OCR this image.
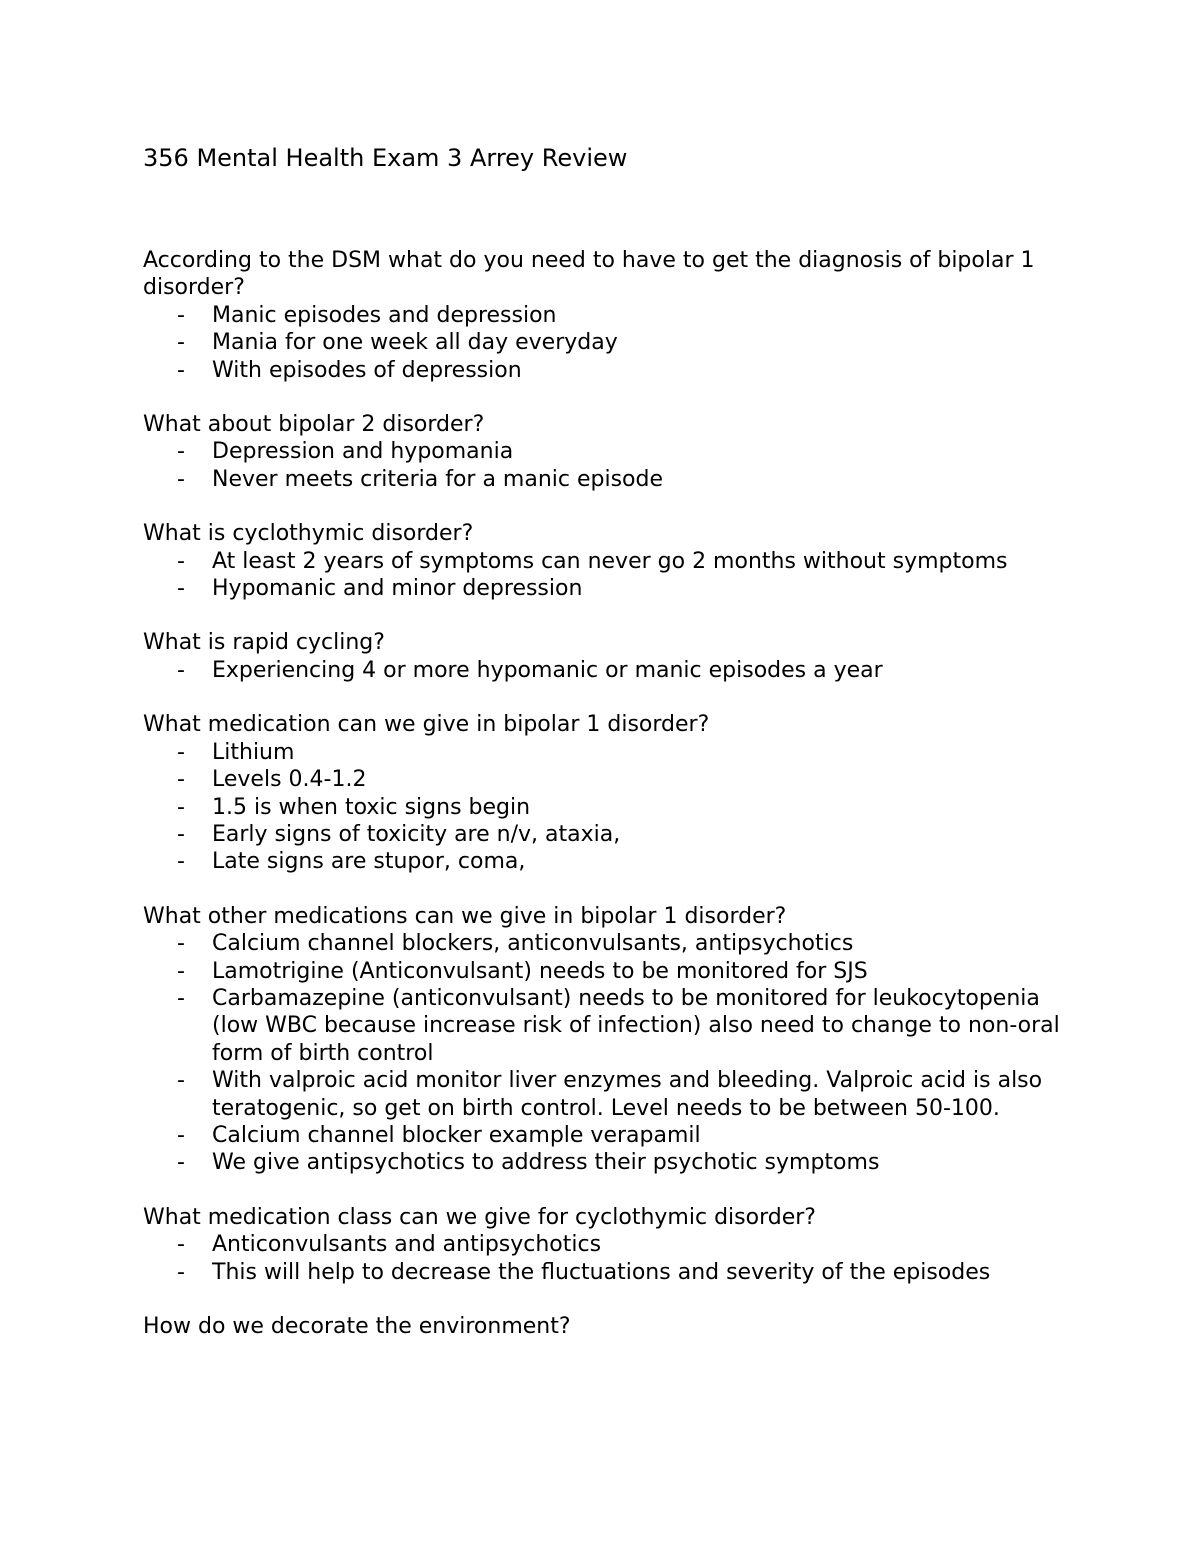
356 Mental Health Exam 3 Arrey Review

According to the DSM what do you need to have to get the diagnosis of bipolar 1 disorder?

- Manic episodes and depression
- Mania for one week all day everyday
- With episodes of depression

What about bipolar 2 disorder?

- Depression and hypomania
- Never meets criteria for a manic episode

What is cyclothymic disorder?

- At least 2 years of symptoms can never go 2 months without symptoms
- Hypomanic and minor depression

What is rapid cycling?

- Experiencing 4 or more hypomanic or manic episodes a year

What medication can we give in bipolar 1 disorder?

- Lithium
- Levels 0.4-1.2
- 1.5 is when toxic signs begin
- Early signs of toxicity are n/v, ataxia,
- Late signs are stupor, coma,

What other medications can we give in bipolar 1 disorder?

- Calcium channel blockers, anticonvulsants, antipsychotics
- Lamotrigine (Anticonvulsant) needs to be monitored for SJS
- Carbamazepine (anticonvulsant) needs to be monitored for leukocytopenia (low WBC because increase risk of infection) also need to change to non-oral form of birth control
- With valproic acid monitor liver enzymes and bleeding. Valproic acid is also teratogenic, so get on birth control. Level needs to be between 50-100.
- Calcium channel blocker example verapamil
- We give antipsychotics to address their psychotic symptoms

What medication class can we give for cyclothymic disorder?

- Anticonvulsants and antipsychotics
- This will help to decrease the fluctuations and severity of the episodes

How do we decorate the environment?
